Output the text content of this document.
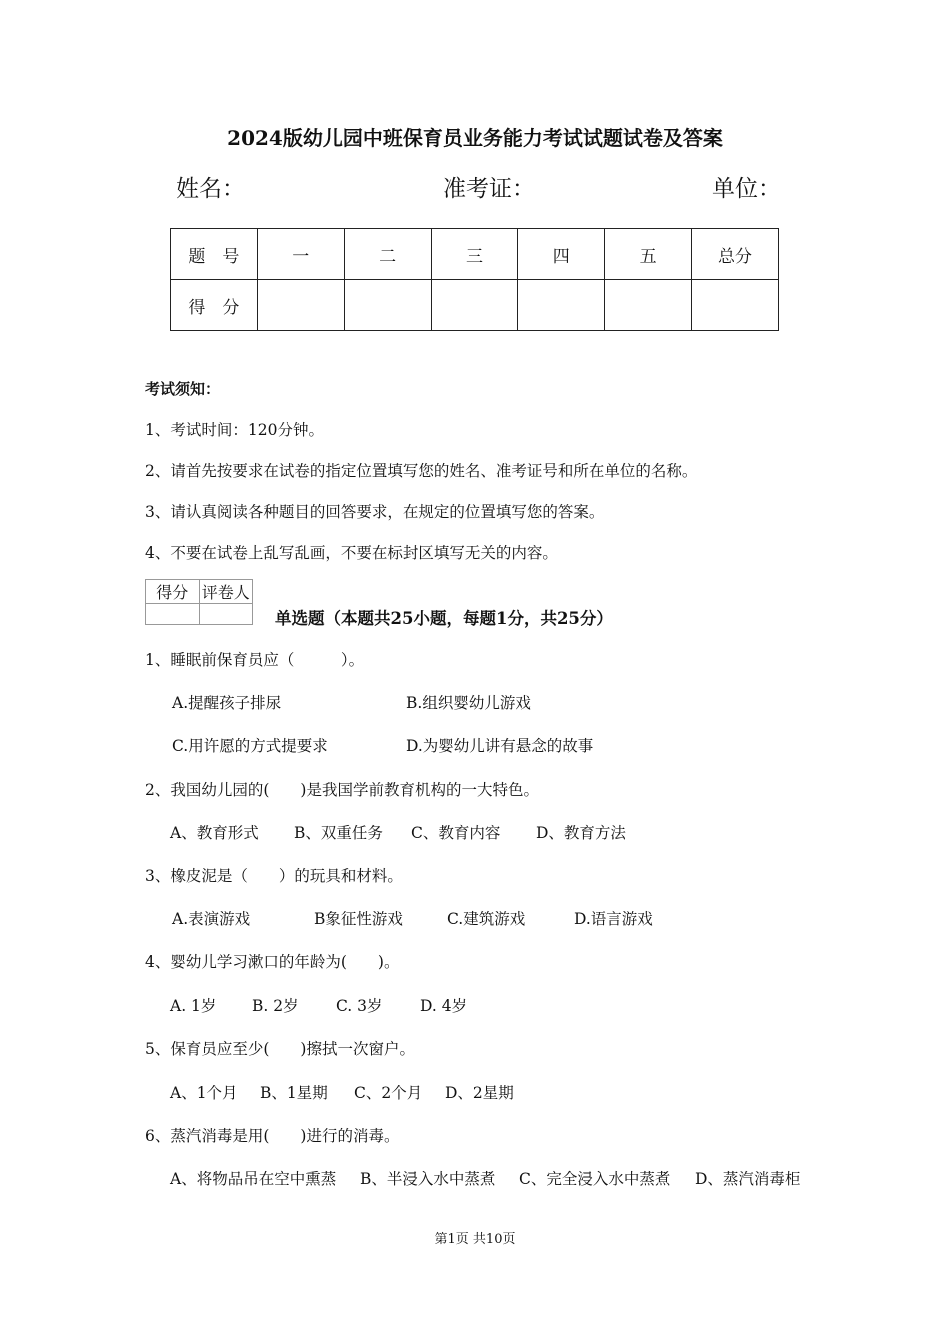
2024版幼儿园中班保育员业务能力考试试题试卷及答案
姓名：	准考证：	单位：
题　号	一	二	三	四	五	总分
得　分						
考试须知：
1、考试时间：120分钟。
2、请首先按要求在试卷的指定位置填写您的姓名、准考证号和所在单位的名称。
3、请认真阅读各种题目的回答要求，在规定的位置填写您的答案。
4、不要在试卷上乱写乱画，不要在标封区填写无关的内容。
得分	评卷人

单选题（本题共25小题，每题1分，共25分）
1、睡眠前保育员应（　　　）。
A.提醒孩子排尿	B.组织婴幼儿游戏
C.用许愿的方式提要求	D.为婴幼儿讲有悬念的故事
2、我国幼儿园的(　　)是我国学前教育机构的一大特色。
A、教育形式 B、双重任务 C、教育内容 D、教育方法
3、橡皮泥是（　　）的玩具和材料。
A.表演游戏	B象征性游戏	C.建筑游戏	D.语言游戏
4、婴幼儿学习漱口的年龄为(　　)。
A. 1岁 B. 2岁 C. 3岁 D. 4岁
5、保育员应至少(　　)擦拭一次窗户。
A、1个月 B、1星期 C、2个月 D、2星期
6、蒸汽消毒是用(　　)进行的消毒。
A、将物品吊在空中熏蒸 B、半浸入水中蒸煮 C、完全浸入水中蒸煮 D、蒸汽消毒柜
第1页 共10页
